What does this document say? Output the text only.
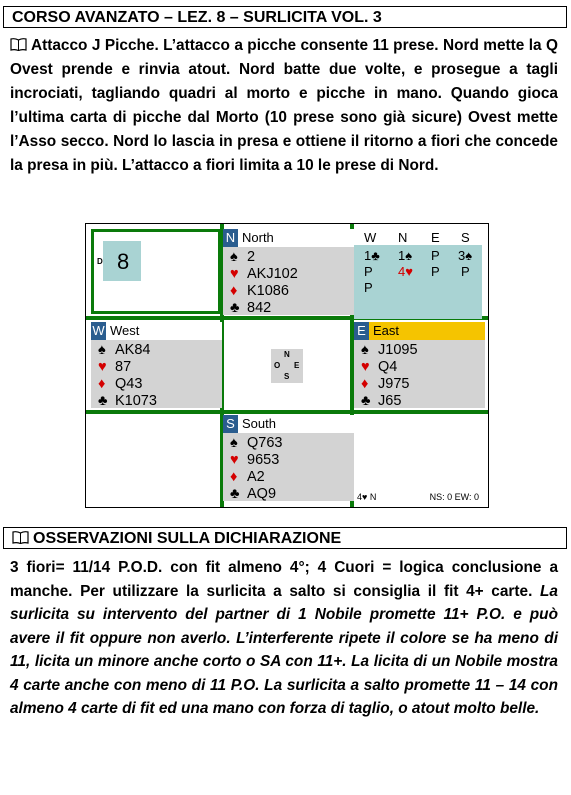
CORSO AVANZATO – LEZ. 8 – SURLICITA VOL. 3
Attacco J Picche. L’attacco a picche consente 11 prese. Nord mette la Q Ovest prende e rinvia atout. Nord batte due volte, e prosegue a tagli incrociati, tagliando quadri al morto e picche in mano. Quando gioca l’ultima carta di picche dal Morto (10 prese sono già sicure) Ovest mette l’Asso secco. Nord lo lascia in presa e ottiene il ritorno a fiori che concede la presa in più. L’attacco a fiori limita a 10 le prese di Nord.
D 8
N North
♠ 2
♥ AKJ102
♦ K1086
♣ 842
W N E S
1♣ 1♠ P 3♠
P 4♥ P P
P
W West
♠ AK84
♥ 87
♦ Q43
♣ K1073
N
O E
S
E East
♠ J1095
♥ Q4
♦ J975
♣ J65
S South
♠ Q763
♥ 9653
♦ A2
♣ AQ9	4♥ N	NS: 0 EW: 0
OSSERVAZIONI SULLA DICHIARAZIONE
3 fiori= 11/14 P.O.D. con fit almeno 4°; 4 Cuori = logica conclusione a manche. Per utilizzare la surlicita a salto si consiglia il fit 4+ carte. La surlicita su intervento del partner di 1 Nobile promette 11+ P.O. e può avere il fit oppure non averlo. L’interferente ripete il colore se ha meno di 11, licita un minore anche corto o SA con 11+. La licita di un Nobile mostra 4 carte anche con meno di 11 P.O. La surlicita a salto promette 11 – 14 con almeno 4 carte di fit ed una mano con forza di taglio, o atout molto belle.
